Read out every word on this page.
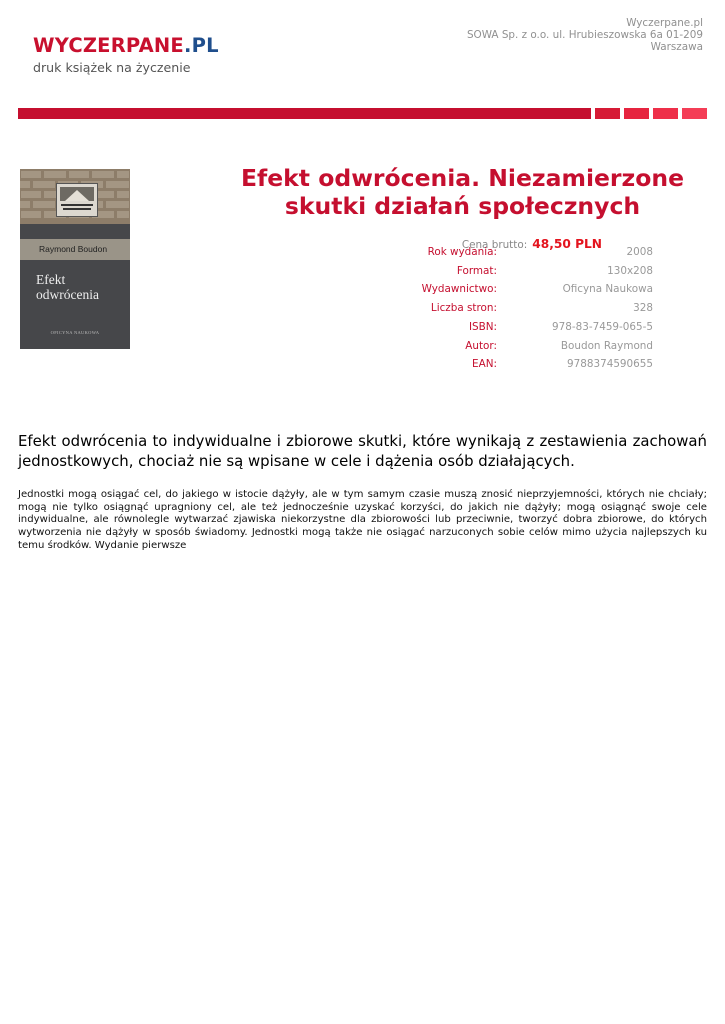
WYCZERPANE.PL
druk książek na życzenie
Wyczerpane.pl
SOWA Sp. z o.o. ul. Hrubieszowska 6a 01-209
Warszawa
Raymond Boudon
Efekt
odwrócenia
OFICYNA NAUKOWA
Efekt odwrócenia. Niezamierzone skutki działań społecznych
Cena brutto: 48,50 PLN
Rok wydania:	2008
Format:	130x208
Wydawnictwo:	Oficyna Naukowa
Liczba stron:	328
ISBN:	978-83-7459-065-5
Autor:	Boudon Raymond
EAN:	9788374590655
Efekt odwrócenia to indywidualne i zbiorowe skutki, które wynikają z zestawienia zachowań jednostkowych, chociaż nie są wpisane w cele i dążenia osób działających.
Jednostki mogą osiągać cel, do jakiego w istocie dążyły, ale w tym samym czasie muszą znosić nieprzyjemności, których nie chciały; mogą nie tylko osiągnąć upragniony cel, ale też jednocześnie uzyskać korzyści, do jakich nie dążyły; mogą osiągnąć swoje cele indywidualne, ale równolegle wytwarzać zjawiska niekorzystne dla zbiorowości lub przeciwnie, tworzyć dobra zbiorowe, do których wytworzenia nie dążyły w sposób świadomy. Jednostki mogą także nie osiągać narzuconych sobie celów mimo użycia najlepszych ku temu środków. Wydanie pierwsze
